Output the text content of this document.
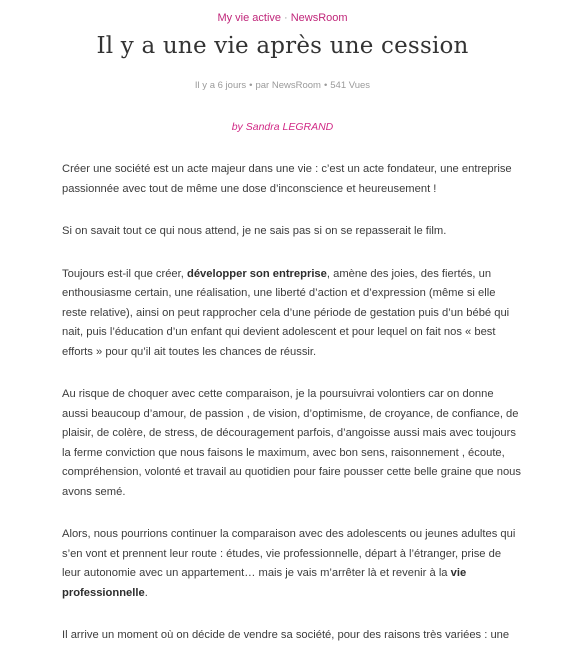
My vie active · NewsRoom
Il y a une vie après une cession
Il y a 6 jours • par NewsRoom • 541 Vues
by Sandra LEGRAND

Créer une société est un acte majeur dans une vie : c’est un acte fondateur, une entreprise passionnée avec tout de même une dose d’inconscience et heureusement !

Si on savait tout ce qui nous attend, je ne sais pas si on se repasserait le film.

Toujours est-il que créer, développer son entreprise, amène des joies, des fiertés, un enthousiasme certain, une réalisation, une liberté d’action et d’expression (même si elle reste relative), ainsi on peut rapprocher cela d’une période de gestation puis d’un bébé qui nait, puis l’éducation d’un enfant qui devient adolescent et pour lequel on fait nos « best efforts » pour qu’il ait toutes les chances de réussir.

Au risque de choquer avec cette comparaison, je la poursuivrai volontiers car on donne aussi beaucoup d’amour, de passion , de vision, d’optimisme, de croyance, de confiance, de plaisir, de colère, de stress, de découragement parfois, d’angoisse aussi mais avec toujours la ferme conviction que nous faisons le maximum, avec bon sens, raisonnement , écoute, compréhension, volonté et travail au quotidien pour faire pousser cette belle graine que nous avons semé.

Alors, nous pourrions continuer la comparaison avec des adolescents ou jeunes adultes qui s’en vont et prennent leur route : études, vie professionnelle, départ à l’étranger, prise de leur autonomie avec un appartement… mais je vais m’arrêter là et revenir à la vie professionnelle.

Il arrive un moment où on décide de vendre sa société, pour des raisons très variées : une
